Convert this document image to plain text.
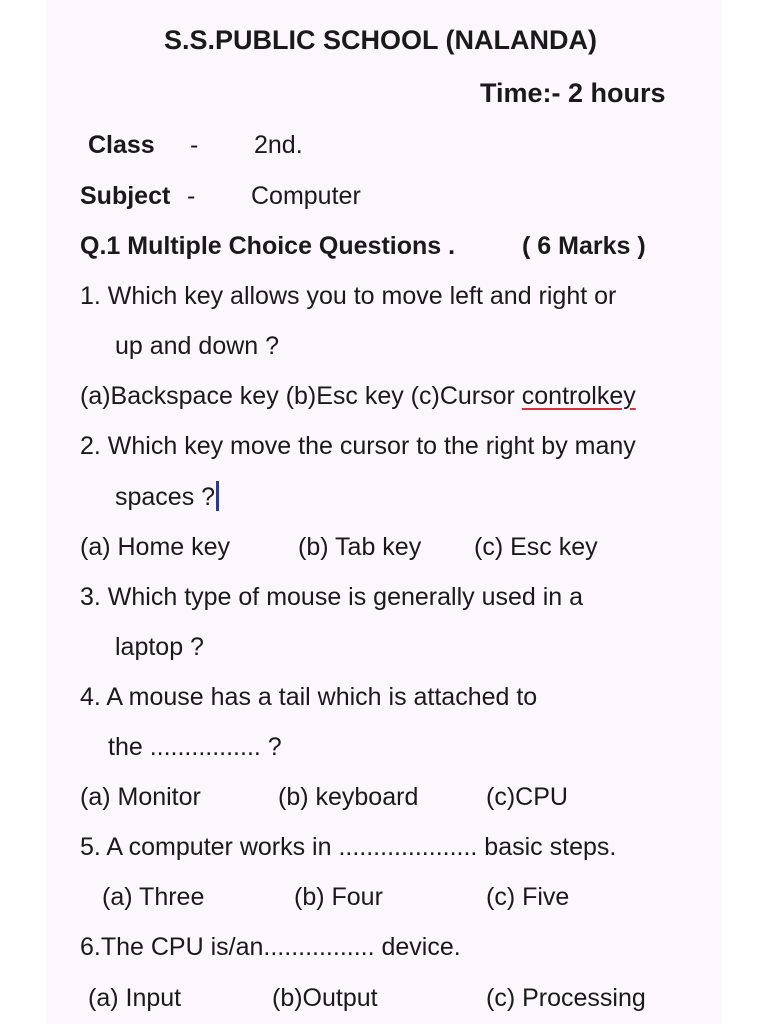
S.S.PUBLIC SCHOOL (NALANDA)
Time:- 2 hours
Class - 2nd.
Subject - Computer
Q.1 Multiple Choice Questions .	( 6 Marks )
1. Which key allows you to move left and right or
up and down ?
(a)Backspace key (b)Esc key (c)Cursor controlkey
2. Which key move the cursor to the right by many
spaces ?
(a) Home key	(b) Tab key (c) Esc key
3. Which type of mouse is generally used in a
laptop ?
4. A mouse has a tail which is attached to
the ................ ?
(a) Monitor	(b) keyboard	(c)CPU
5. A computer works in .................... basic steps.
(a) Three	(b) Four	(c) Five
6.The CPU is/an................ device.
(a) Input	(b)Output	(c) Processing
